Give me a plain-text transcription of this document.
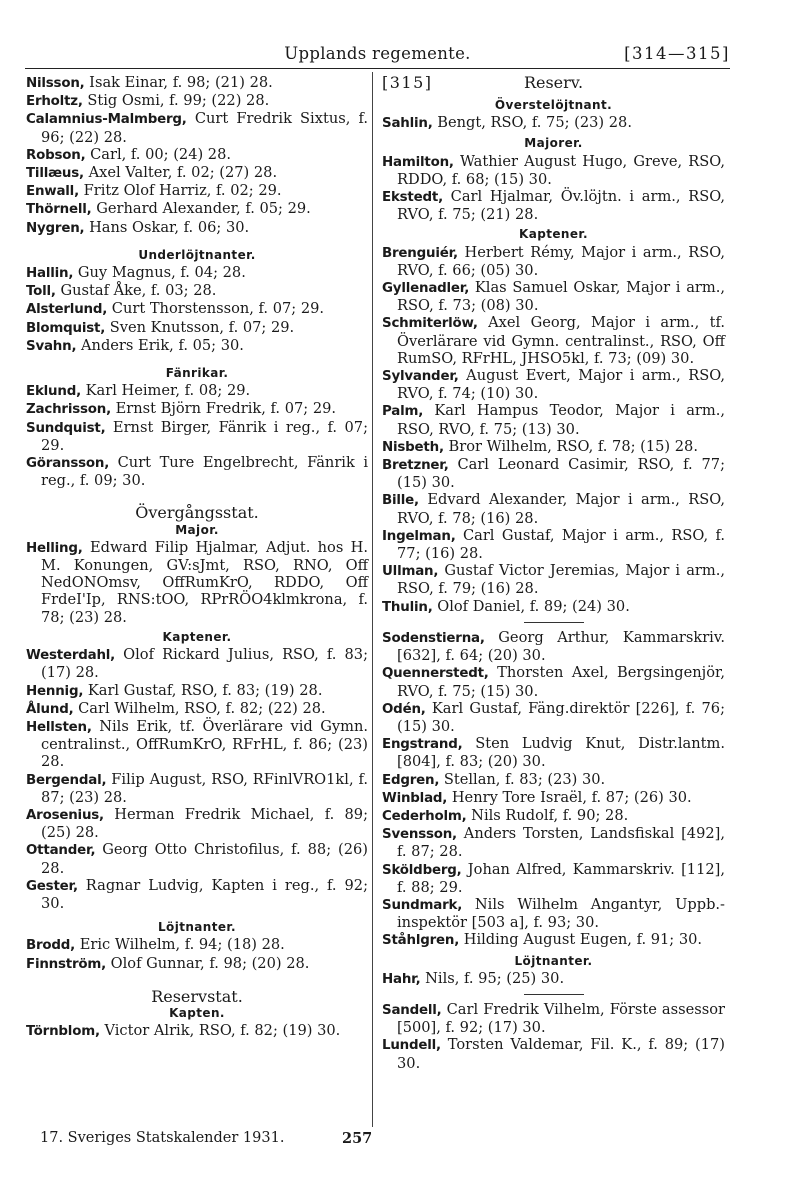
Upplands regemente.	[314—315]

Nilsson, Isak Einar, f. 98; (21) 28.

Erholtz, Stig Osmi, f. 99; (22) 28.

Calamnius-Malmberg, Curt Fredrik Sixtus, f. 96; (22) 28.

Robson, Carl, f. 00; (24) 28.

Tillæus, Axel Valter, f. 02; (27) 28.

Enwall, Fritz Olof Harriz, f. 02; 29.

Thörnell, Gerhard Alexander, f. 05; 29.

Nygren, Hans Oskar, f. 06; 30.

Underlöjtnanter.

Hallin, Guy Magnus, f. 04; 28.

Toll, Gustaf Åke, f. 03; 28.

Alsterlund, Curt Thorstensson, f. 07; 29.

Blomquist, Sven Knutsson, f. 07; 29.

Svahn, Anders Erik, f. 05; 30.

Fänrikar.

Eklund, Karl Heimer, f. 08; 29.

Zachrisson, Ernst Björn Fredrik, f. 07; 29.

Sundquist, Ernst Birger, Fänrik i reg., f. 07; 29.

Göransson, Curt Ture Engelbrecht, Fänrik i reg., f. 09; 30.

Övergångsstat.
Major.

Helling, Edward Filip Hjalmar, Adjut. hos H. M. Konungen, GV:sJmt, RSO, RNO, Off NedONOmsv, OffRumKrO, RDDO, Off FrdeI'Ip, RNS:tOO, RPrRÖO4klmkrona, f. 78; (23) 28.

Kaptener.

Westerdahl, Olof Rickard Julius, RSO, f. 83; (17) 28.

Hennig, Karl Gustaf, RSO, f. 83; (19) 28.

Ålund, Carl Wilhelm, RSO, f. 82; (22) 28.

Hellsten, Nils Erik, tf. Överlärare vid Gymn. centralinst., OffRumKrO, RFrHL, f. 86; (23) 28.

Bergendal, Filip August, RSO, RFinlVRO1kl, f. 87; (23) 28.

Arosenius, Herman Fredrik Michael, f. 89; (25) 28.

Ottander, Georg Otto Christofilus, f. 88; (26) 28.

Gester, Ragnar Ludvig, Kapten i reg., f. 92; 30.

Löjtnanter.

Brodd, Eric Wilhelm, f. 94; (18) 28.

Finnström, Olof Gunnar, f. 98; (20) 28.

Reservstat.
Kapten.

Törnblom, Victor Alrik, RSO, f. 82; (19) 30.

[315]	Reserv.
Överstelöjtnant.

Sahlin, Bengt, RSO, f. 75; (23) 28.

Majorer.

Hamilton, Wathier August Hugo, Greve, RSO, RDDO, f. 68; (15) 30.

Ekstedt, Carl Hjalmar, Öv.löjtn. i arm., RSO, RVO, f. 75; (21) 28.

Kaptener.

Brenguiér, Herbert Rémy, Major i arm., RSO, RVO, f. 66; (05) 30.

Gyllenadler, Klas Samuel Oskar, Major i arm., RSO, f. 73; (08) 30.

Schmiterlöw, Axel Georg, Major i arm., tf. Överlärare vid Gymn. centralinst., RSO, Off RumSO, RFrHL, JHSO5kl, f. 73; (09) 30.

Sylvander, August Evert, Major i arm., RSO, RVO, f. 74; (10) 30.

Palm, Karl Hampus Teodor, Major i arm., RSO, RVO, f. 75; (13) 30.

Nisbeth, Bror Wilhelm, RSO, f. 78; (15) 28.

Bretzner, Carl Leonard Casimir, RSO, f. 77; (15) 30.

Bille, Edvard Alexander, Major i arm., RSO, RVO, f. 78; (16) 28.

Ingelman, Carl Gustaf, Major i arm., RSO, f. 77; (16) 28.

Ullman, Gustaf Victor Jeremias, Major i arm., RSO, f. 79; (16) 28.

Thulin, Olof Daniel, f. 89; (24) 30.

Sodenstierna, Georg Arthur, Kammarskriv. [632], f. 64; (20) 30.

Quennerstedt, Thorsten Axel, Bergsingenjör, RVO, f. 75; (15) 30.

Odén, Karl Gustaf, Fäng.direktör [226], f. 76; (15) 30.

Engstrand, Sten Ludvig Knut, Distr.lantm. [804], f. 83; (20) 30.

Edgren, Stellan, f. 83; (23) 30.

Winblad, Henry Tore Israël, f. 87; (26) 30.

Cederholm, Nils Rudolf, f. 90; 28.

Svensson, Anders Torsten, Landsfiskal [492], f. 87; 28.

Sköldberg, Johan Alfred, Kammarskriv. [112], f. 88; 29.

Sundmark, Nils Wilhelm Angantyr, Uppb.-inspektör [503 a], f. 93; 30.

Ståhlgren, Hilding August Eugen, f. 91; 30.

Löjtnanter.

Hahr, Nils, f. 95; (25) 30.

Sandell, Carl Fredrik Vilhelm, Förste assessor [500], f. 92; (17) 30.

Lundell, Torsten Valdemar, Fil. K., f. 89; (17) 30.

17. Sveriges Statskalender 1931.	257
